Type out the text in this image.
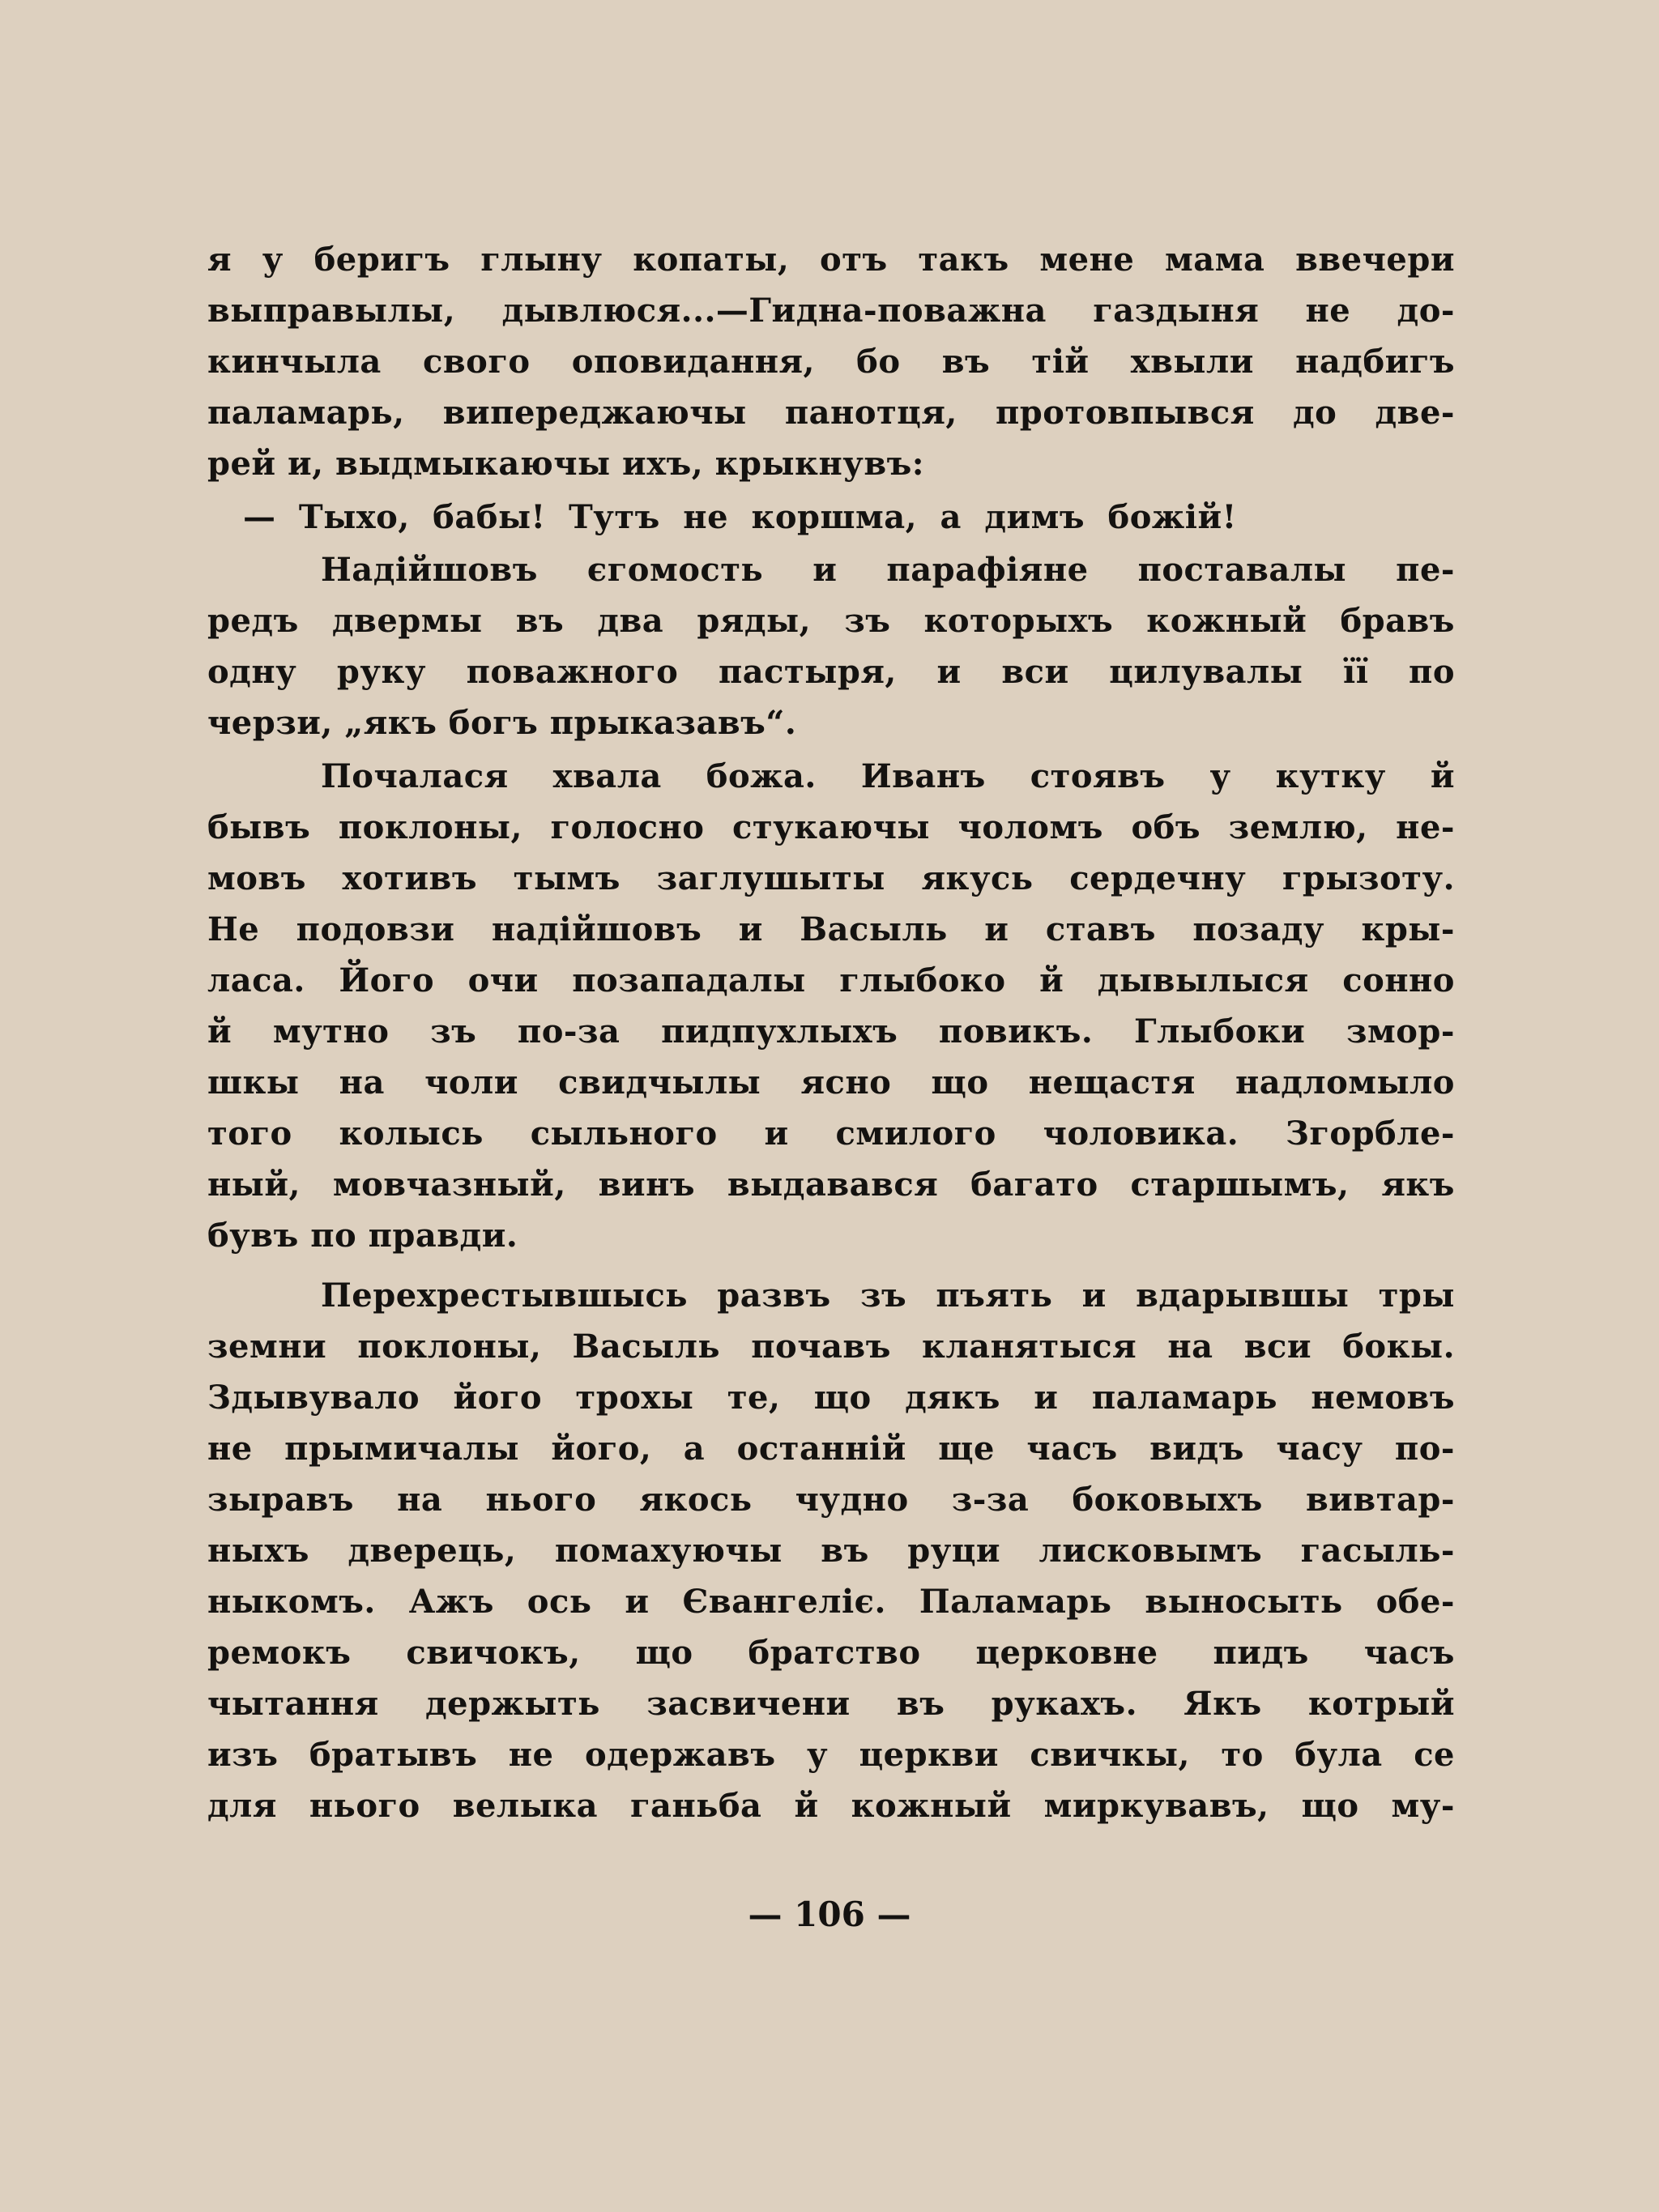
я у беригъ глыну копаты, отъ такъ мене мама ввечери
выправылы, дывлюся...—Гидна-поважна газдыня не до-
кинчыла свого оповидання, бо въ тій хвыли надбигъ
паламарь, випереджаючы панотця, протовпывся до две-
рей и, выдмыкаючы ихъ, крыкнувъ:
— Тыхо, бабы! Тутъ не коршма, а димъ божій!
Надійшовъ єгомость и парафіяне поставалы пе-
редъ двермы въ два ряды, зъ которыхъ кожный бравъ
одну руку поважного пастыря, и вси цилувалы її по
черзи, „якъ богъ прыказавъ“.
Почалася хвала божа. Иванъ стоявъ у кутку й
бывъ поклоны, голосно стукаючы чоломъ объ землю, не-
мовъ хотивъ тымъ заглушыты якусь сердечну грызоту.
Не подовзи надійшовъ и Васыль и ставъ позаду кры-
ласа. Його очи позападалы глыбоко й дывылыся сонно
й мутно зъ по-за пидпухлыхъ повикъ. Глыбоки змор-
шкы на чоли свидчылы ясно що нещастя надломыло
того колысь сыльного и смилого чоловика. Згорбле-
ный, мовчазный, винъ выдавався багато старшымъ, якъ
бувъ по правди.
Перехрестывшысь развъ зъ пъять и вдарывшы тры
земни поклоны, Васыль почавъ кланятыся на вси бокы.
Здывувало його трохы те, що дякъ и паламарь немовъ
не прымичалы його, а останній ще часъ видъ часу по-
зыравъ на нього якось чудно з-за боковыхъ вивтар-
ныхъ дверець, помахуючы въ руци лисковымъ гасыль-
ныкомъ. Ажъ ось и Євангеліє. Паламарь выносыть обе-
ремокъ свичокъ, що братство церковне пидъ часъ
чытання держыть засвичени въ рукахъ. Якъ котрый
изъ братывъ не одержавъ у церкви свичкы, то була се
для нього велыка ганьба й кожный миркувавъ, що му-
— 106 —
